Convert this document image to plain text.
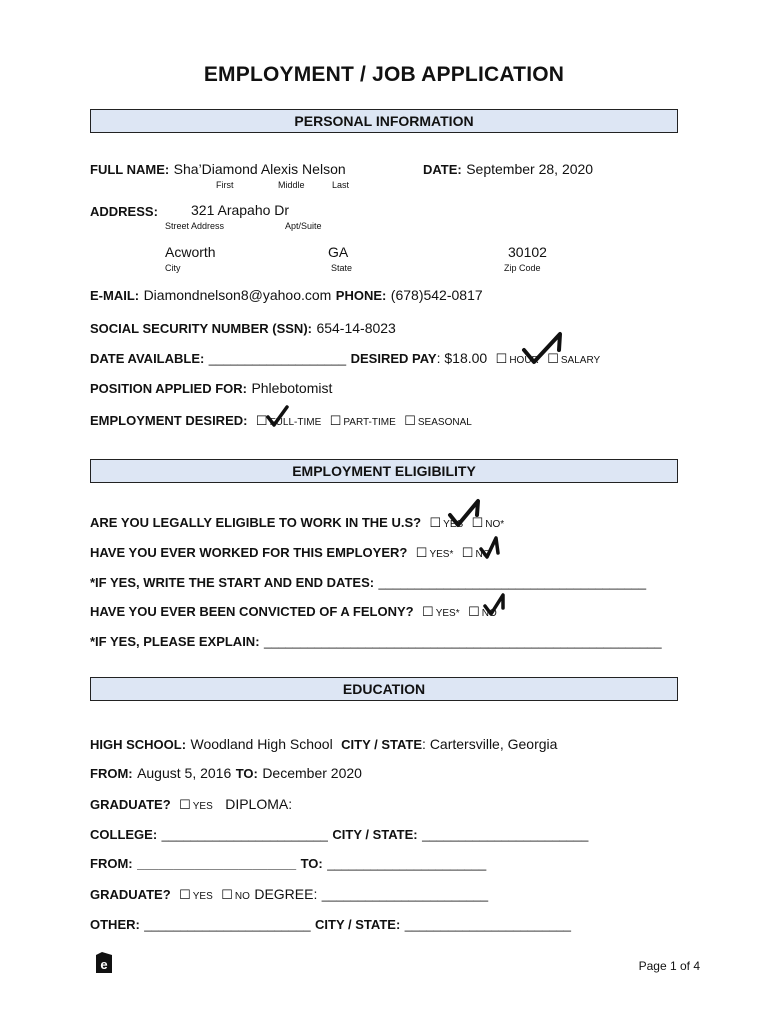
EMPLOYMENT / JOB APPLICATION
PERSONAL INFORMATION
FULL NAME: Sha’Diamond Alexis Nelson
First	Middle	Last
DATE: September 28, 2020
ADDRESS: 321 Arapaho Dr
Street Address	Apt/Suite
Acworth	GA	30102
City	State	Zip Code
E-MAIL: Diamondnelson8@yahoo.com PHONE: (678)542-0817
SOCIAL SECURITY NUMBER (SSN): 654-14-8023
DATE AVAILABLE: ___________________ DESIRED PAY: $18.00 ☐ HOUR ☐ SALARY
POSITION APPLIED FOR: Phlebotomist
EMPLOYMENT DESIRED: ☐ FULL-TIME ☐ PART-TIME ☐ SEASONAL
EMPLOYMENT ELIGIBILITY
ARE YOU LEGALLY ELIGIBLE TO WORK IN THE U.S? ☐ YES ☐ NO*
HAVE YOU EVER WORKED FOR THIS EMPLOYER? ☐ YES* ☐ NO
*IF YES, WRITE THE START AND END DATES: _____________________________________
HAVE YOU EVER BEEN CONVICTED OF A FELONY? ☐ YES* ☐ NO
*IF YES, PLEASE EXPLAIN: _______________________________________________________
EDUCATION
HIGH SCHOOL: Woodland High School CITY / STATE: Cartersville, Georgia
FROM: August 5, 2016 TO: December 2020
GRADUATE? ☐ YES DIPLOMA:
COLLEGE: _______________________ CITY / STATE: _______________________
FROM: ______________________ TO: ______________________
GRADUATE? ☐ YES ☐ NO DEGREE: _______________________
OTHER: _______________________ CITY / STATE: _______________________
e	Page 1 of 4
